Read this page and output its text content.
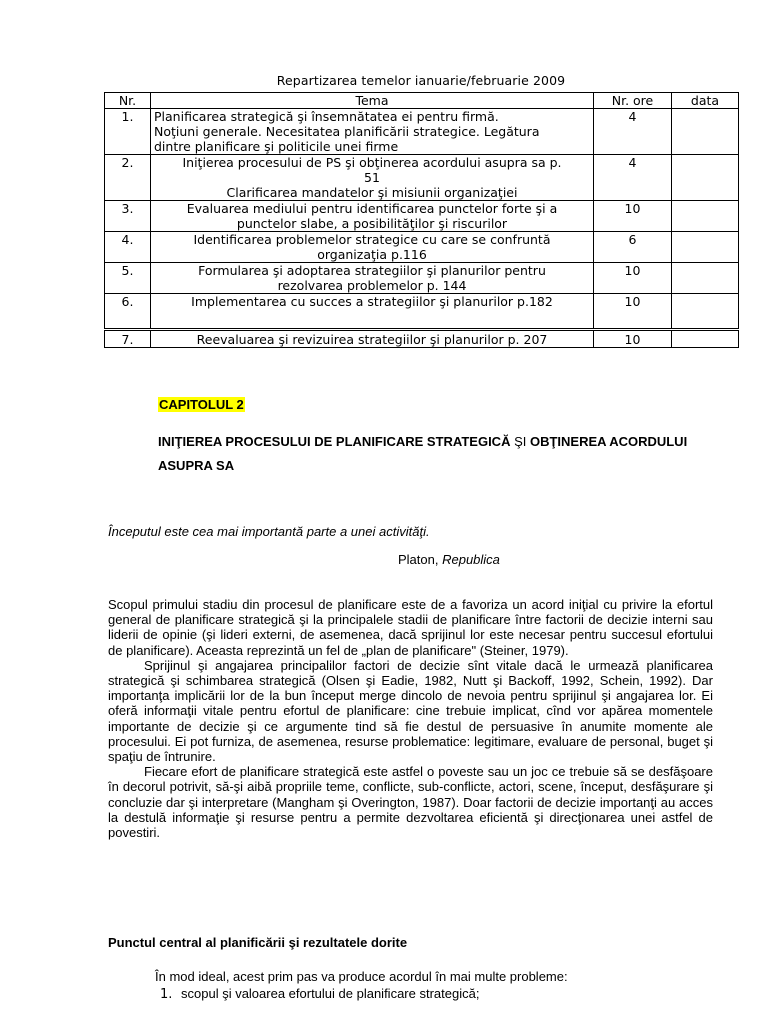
Repartizarea temelor ianuarie/februarie 2009
Nr.	Tema	Nr. ore	data
1.	Planificarea strategică şi însemnătatea ei pentru firmă.
Noţiuni generale. Necesitatea planificării strategice. Legătura
dintre planificare şi politicile unei firme	4	
2.	Iniţierea procesului de PS şi obţinerea acordului asupra sa p.
51
Clarificarea mandatelor şi misiunii organizaţiei	4	
3.	Evaluarea mediului pentru identificarea punctelor forte şi a
punctelor slabe, a posibilităţilor şi riscurilor	10	
4.	Identificarea problemelor strategice cu care se confruntă
organizaţia p.116	6	
5.	Formularea şi adoptarea strategiilor şi planurilor pentru
rezolvarea problemelor p. 144	10	
6.	Implementarea cu succes a strategiilor şi planurilor p.182	10	
7.	Reevaluarea şi revizuirea strategiilor şi planurilor p. 207	10	
CAPITOLUL 2
INIŢIEREA PROCESULUI DE PLANIFICARE STRATEGICĂ ŞI OBŢINEREA ACORDULUI ASUPRA SA
Începutul este cea mai importantă parte a unei activităţi.
Platon, Republica

Scopul primului stadiu din procesul de planificare este de a favoriza un acord iniţial cu privire la efortul general de planificare strategică şi la principalele stadii de planificare între factorii de decizie interni sau liderii de opinie (şi lideri externi, de asemenea, dacă sprijinul lor este necesar pentru succesul efortului de planificare). Aceasta reprezintă un fel de „plan de planificare" (Steiner, 1979).

Sprijinul şi angajarea principalilor factori de decizie sînt vitale dacă le urmează planificarea strategică şi schimbarea strategică (Olsen şi Eadie, 1982, Nutt şi Backoff, 1992, Schein, 1992). Dar importanţa implicării lor de la bun început merge dincolo de nevoia pentru sprijinul şi angajarea lor. Ei oferă informaţii vitale pentru efortul de planificare: cine trebuie implicat, cînd vor apărea momentele importante de decizie şi ce argumente tind să fie destul de persuasive în anumite momente ale procesului. Ei pot furniza, de asemenea, resurse problematice: legitimare, evaluare de personal, buget şi spaţiu de întrunire.

Fiecare efort de planificare strategică este astfel o poveste sau un joc ce trebuie să se desfăşoare în decorul potrivit, să-şi aibă propriile teme, conflicte, sub-conflicte, actori, scene, început, desfăşurare şi concluzie dar şi interpretare (Mangham şi Overington, 1987). Doar factorii de decizie importanţi au acces la destulă informaţie şi resurse pentru a permite dezvoltarea eficientă şi direcţionarea unei astfel de povestiri.

Punctul central al planificării şi rezultatele dorite
În mod ideal, acest prim pas va produce acordul în mai multe probleme:
1. scopul şi valoarea efortului de planificare strategică;
